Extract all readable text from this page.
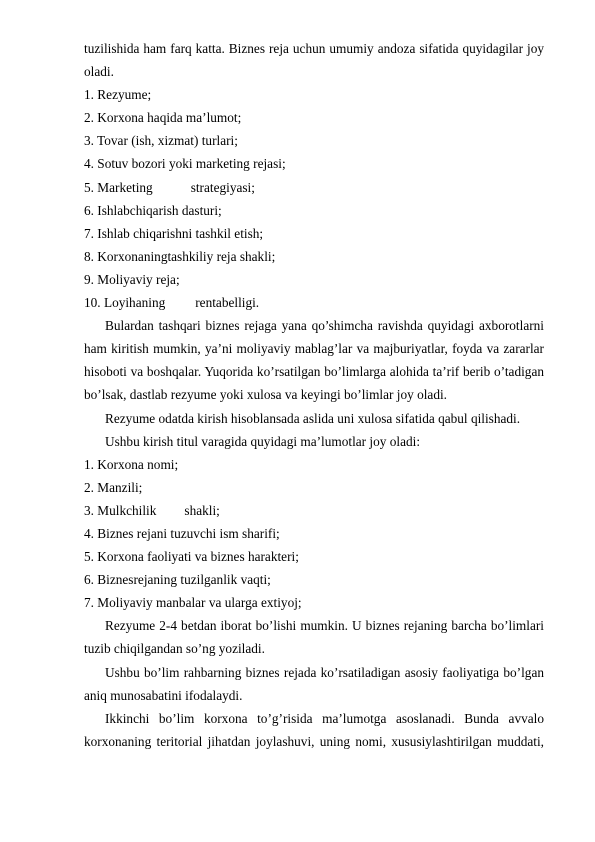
tuzilishida ham farq katta. Biznes reja uchun umumiy andoza sifatida quyidagilar joy
oladi.
1. Rezyume;
2. Korxona haqida ma’lumot;
3. Tovar (ish, xizmat) turlari;
4. Sotuv bozori yoki marketing rejasi;
5. Marketing	strategiyasi;
6. Ishlabchiqarish dasturi;
7. Ishlab chiqarishni tashkil etish;
8. Korxonaningtashkiliy reja shakli;
9. Moliyaviy reja;
10. Loyihaning rentabelligi.
Bulardan tashqari biznes rejaga yana qo’shimcha ravishda quyidagi axborotlarni
ham kiritish mumkin, ya’ni moliyaviy mablag’lar va majburiyatlar, foyda va zararlar
hisoboti va boshqalar. Yuqorida ko’rsatilgan bo’limlarga alohida ta’rif berib o’tadigan
bo’lsak, dastlab rezyume yoki xulosa va keyingi bo’limlar joy oladi.
Rezyume odatda kirish hisoblansada aslida uni xulosa sifatida qabul qilishadi.
Ushbu kirish titul varagida quyidagi ma’lumotlar joy oladi:
1. Korxona nomi;
2. Manzili;
3. Mulkchilik shakli;
4. Biznes rejani tuzuvchi ism sharifi;
5. Korxona faoliyati va biznes harakteri;
6. Biznesrejaning tuzilganlik vaqti;
7. Moliyaviy manbalar va ularga extiyoj;
Rezyume 2-4 betdan iborat bo’lishi mumkin. U biznes rejaning barcha bo’limlari
tuzib chiqilgandan so’ng yoziladi.
Ushbu bo’lim rahbarning biznes rejada ko’rsatiladigan asosiy faoliyatiga bo’lgan
aniq munosabatini ifodalaydi.
Ikkinchi bo’lim korxona to’g’risida ma’lumotga asoslanadi. Bunda avvalo
korxonaning teritorial jihatdan joylashuvi, uning nomi, xususiylashtirilgan muddati,
